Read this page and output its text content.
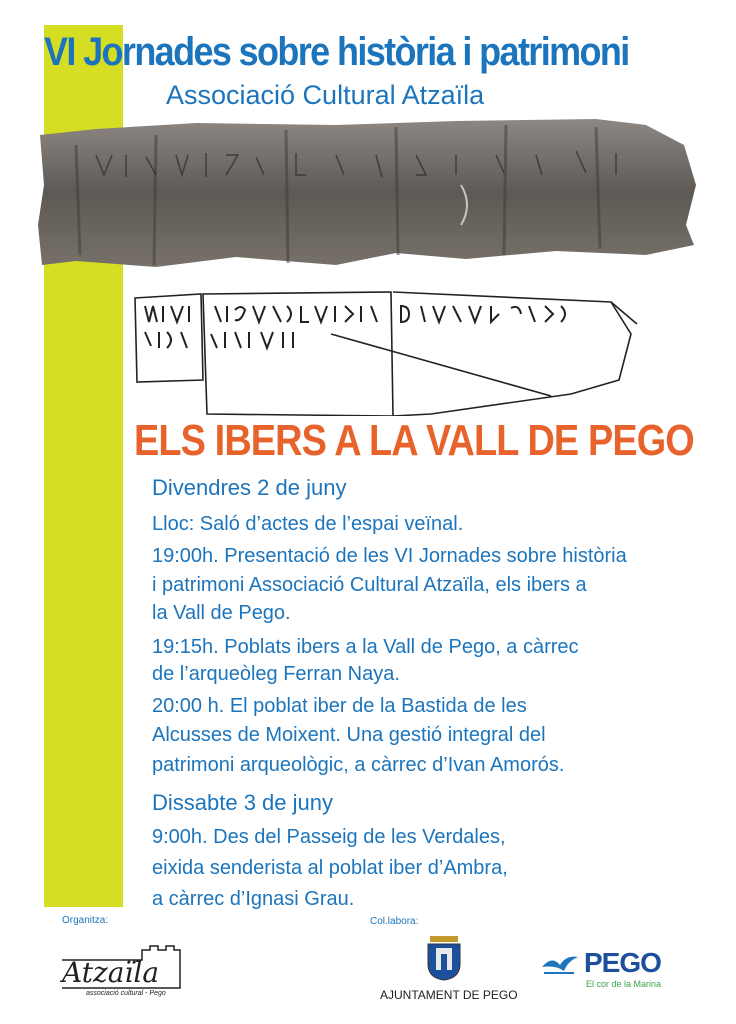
VI Jornades sobre història i patrimoni
Associació Cultural Atzaïla
ELS IBERS A LA VALL DE PEGO
Divendres 2 de juny
Lloc: Saló d’actes de l’espai veïnal.
19:00h. Presentació de les VI Jornades sobre història
i patrimoni Associació Cultural Atzaïla, els ibers a
la Vall de Pego.
19:15h. Poblats ibers a la Vall de Pego, a càrrec
de l’arqueòleg Ferran Naya.
20:00 h. El poblat iber de la Bastida de les
Alcusses de Moixent. Una gestió integral del
patrimoni arqueològic, a càrrec d’Ivan Amorós.
Dissabte 3 de juny
9:00h. Des del Passeig de les Verdales,
eixida senderista al poblat iber d’Ambra,
a càrrec d’Ignasi Grau.
Organitza:	Col.labora:
Atzaïla
associació cultural - Pego	AJUNTAMENT DE PEGO
PEGO
El cor de la Marina
